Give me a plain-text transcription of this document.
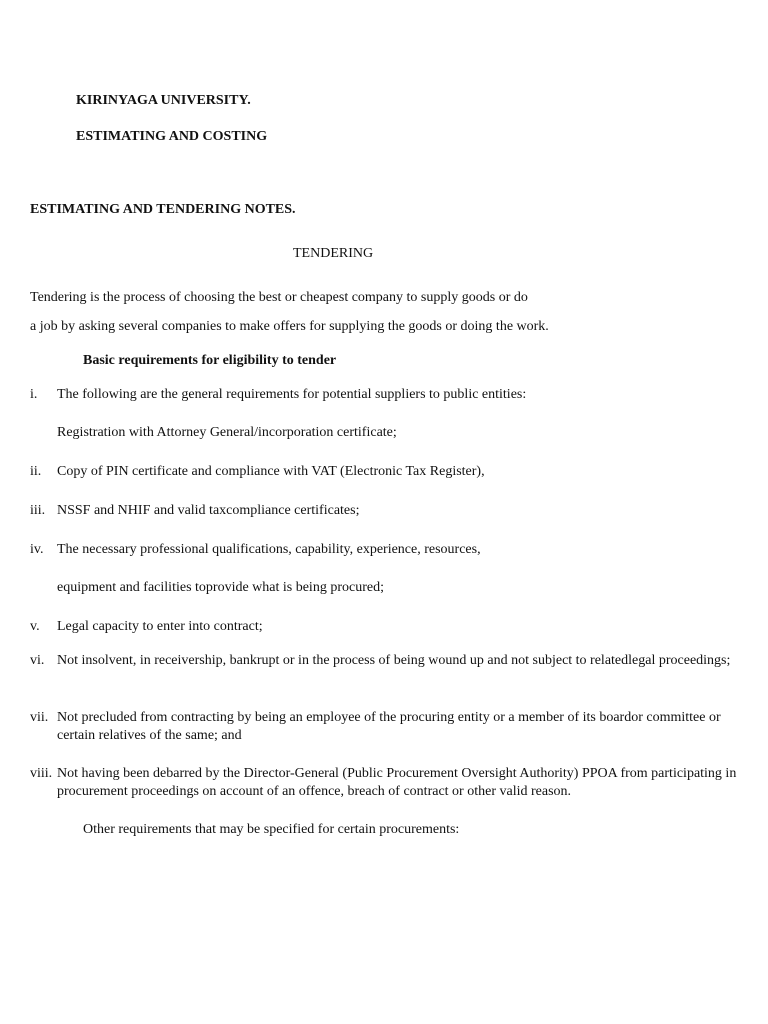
KIRINYAGA UNIVERSITY.
ESTIMATING AND COSTING
ESTIMATING AND TENDERING NOTES.
TENDERING
Tendering is the process of choosing the best or cheapest company to supply goods or do
a job by asking several companies to make offers for supplying the goods or doing the work.
Basic requirements for eligibility to tender
i. The following are the general requirements for potential suppliers to public entities:
Registration with Attorney General/incorporation certificate;
ii. Copy of PIN certificate and compliance with VAT (Electronic Tax Register),
iii. NSSF and NHIF and valid taxcompliance certificates;
iv. The necessary professional qualifications, capability, experience, resources,
equipment and facilities toprovide what is being procured;
v. Legal capacity to enter into contract;
vi. Not insolvent, in receivership, bankrupt or in the process of being wound up and not subject to relatedlegal proceedings;
vii. Not precluded from contracting by being an employee of the procuring entity or a member of its boardor committee or certain relatives of the same; and
viii. Not having been debarred by the Director-General (Public Procurement Oversight Authority) PPOA from participating in procurement proceedings on account of an offence, breach of contract or other valid reason.
Other requirements that may be specified for certain procurements:
